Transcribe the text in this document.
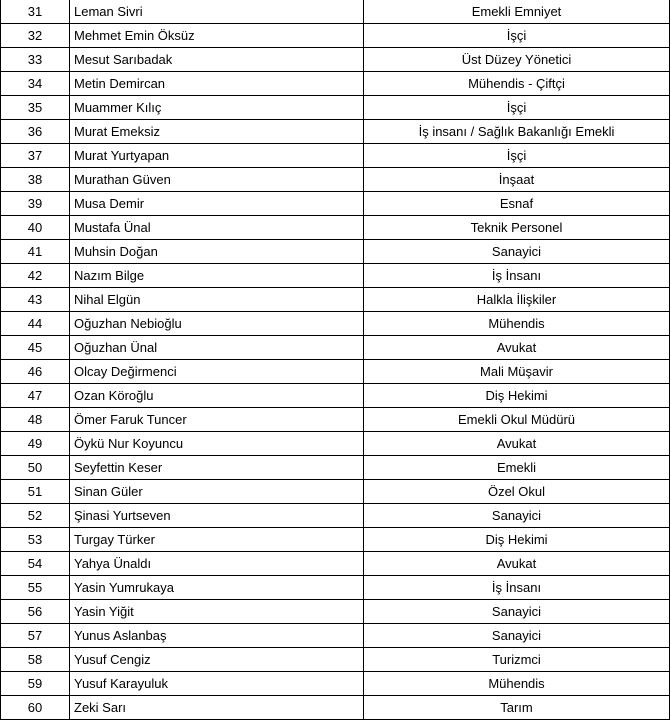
31	Leman Sivri	Emekli Emniyet
32	Mehmet Emin Öksüz	İşçi
33	Mesut Sarıbadak	Üst Düzey Yönetici
34	Metin Demircan	Mühendis - Çiftçi
35	Muammer Kılıç	İşçi
36	Murat Emeksiz	İş insanı / Sağlık Bakanlığı Emekli
37	Murat Yurtyapan	İşçi
38	Murathan Güven	İnşaat
39	Musa Demir	Esnaf
40	Mustafa Ünal	Teknik Personel
41	Muhsin Doğan	Sanayici
42	Nazım Bilge	İş İnsanı
43	Nihal Elgün	Halkla İlişkiler
44	Oğuzhan Nebioğlu	Mühendis
45	Oğuzhan Ünal	Avukat
46	Olcay Değirmenci	Mali Müşavir
47	Ozan Köroğlu	Diş Hekimi
48	Ömer Faruk Tuncer	Emekli Okul Müdürü
49	Öykü Nur Koyuncu	Avukat
50	Seyfettin Keser	Emekli
51	Sinan Güler	Özel Okul
52	Şinasi Yurtseven	Sanayici
53	Turgay Türker	Diş Hekimi
54	Yahya Ünaldı	Avukat
55	Yasin Yumrukaya	İş İnsanı
56	Yasin Yiğit	Sanayici
57	Yunus Aslanbaş	Sanayici
58	Yusuf Cengiz	Turizmci
59	Yusuf Karayuluk	Mühendis
60	Zeki Sarı	Tarım
